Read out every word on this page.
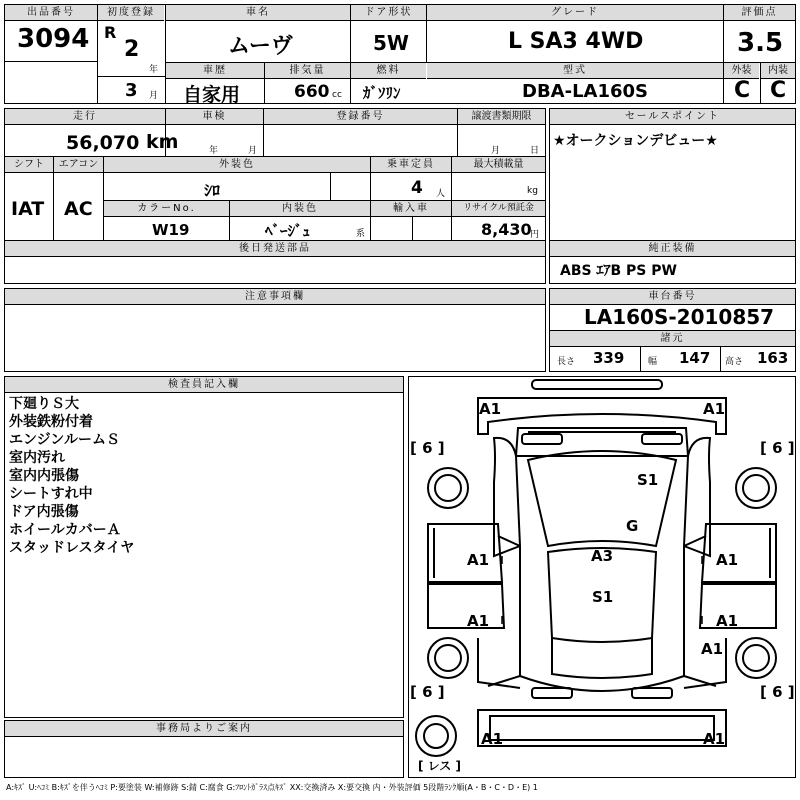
出品番号
3094
初度登録
R
2
年
3 月
車名
ムーヴ
ドア形状
5W
グレード
L SA3 4WD
評価点
3.5
外装	内装
C C
車歴
自家用
排気量
660 cc
燃料
ｶﾞｿﾘﾝ
型式
DBA-LA160S
走行
56,070 km
車検
年	月
登録番号	譲渡書類期限
月	日
シフト
IAT
エアコン
AC
外装色
ｼﾛ
乗車定員
4 人
最大積載量
kg
カラーNo.
W19
内装色
ﾍﾞｰｼﾞｭ	系
輸入車	リサイクル預託金
8,430
円
後日発送部品
セールスポイント
★オークションデビュー★
純正装備
ABS ｴｱB PS PW
注意事項欄	車台番号
LA160S-2010857
諸元
長さ 339	幅 147 高さ 163
検査員記入欄
下廻りＳ大
外装鉄粉付着
エンジンルームＳ
室内汚れ
室内内張傷
シートすれ中
ドア内張傷
ホイールカバーＡ
スタッドレスタイヤ
事務局よりご案内
A1	A1
S1
G
A3
S1
A1	A1
A1	A1
A1
A1	A1
[ 6 ]	[ 6 ]
[ 6 ]	[ 6 ]
[ レス ]
A:ｷｽﾞ U:ﾍｺﾐ B:ｷｽﾞを伴うﾍｺﾐ P:要塗装 W:補修跡 S:錆 C:腐食 G:ﾌﾛﾝﾄｶﾞﾗｽ点ｷｽﾞ XX:交換済み X:要交換 内・外装評価 5段階ﾗﾝｸ順(A・B・C・D・E) 1
